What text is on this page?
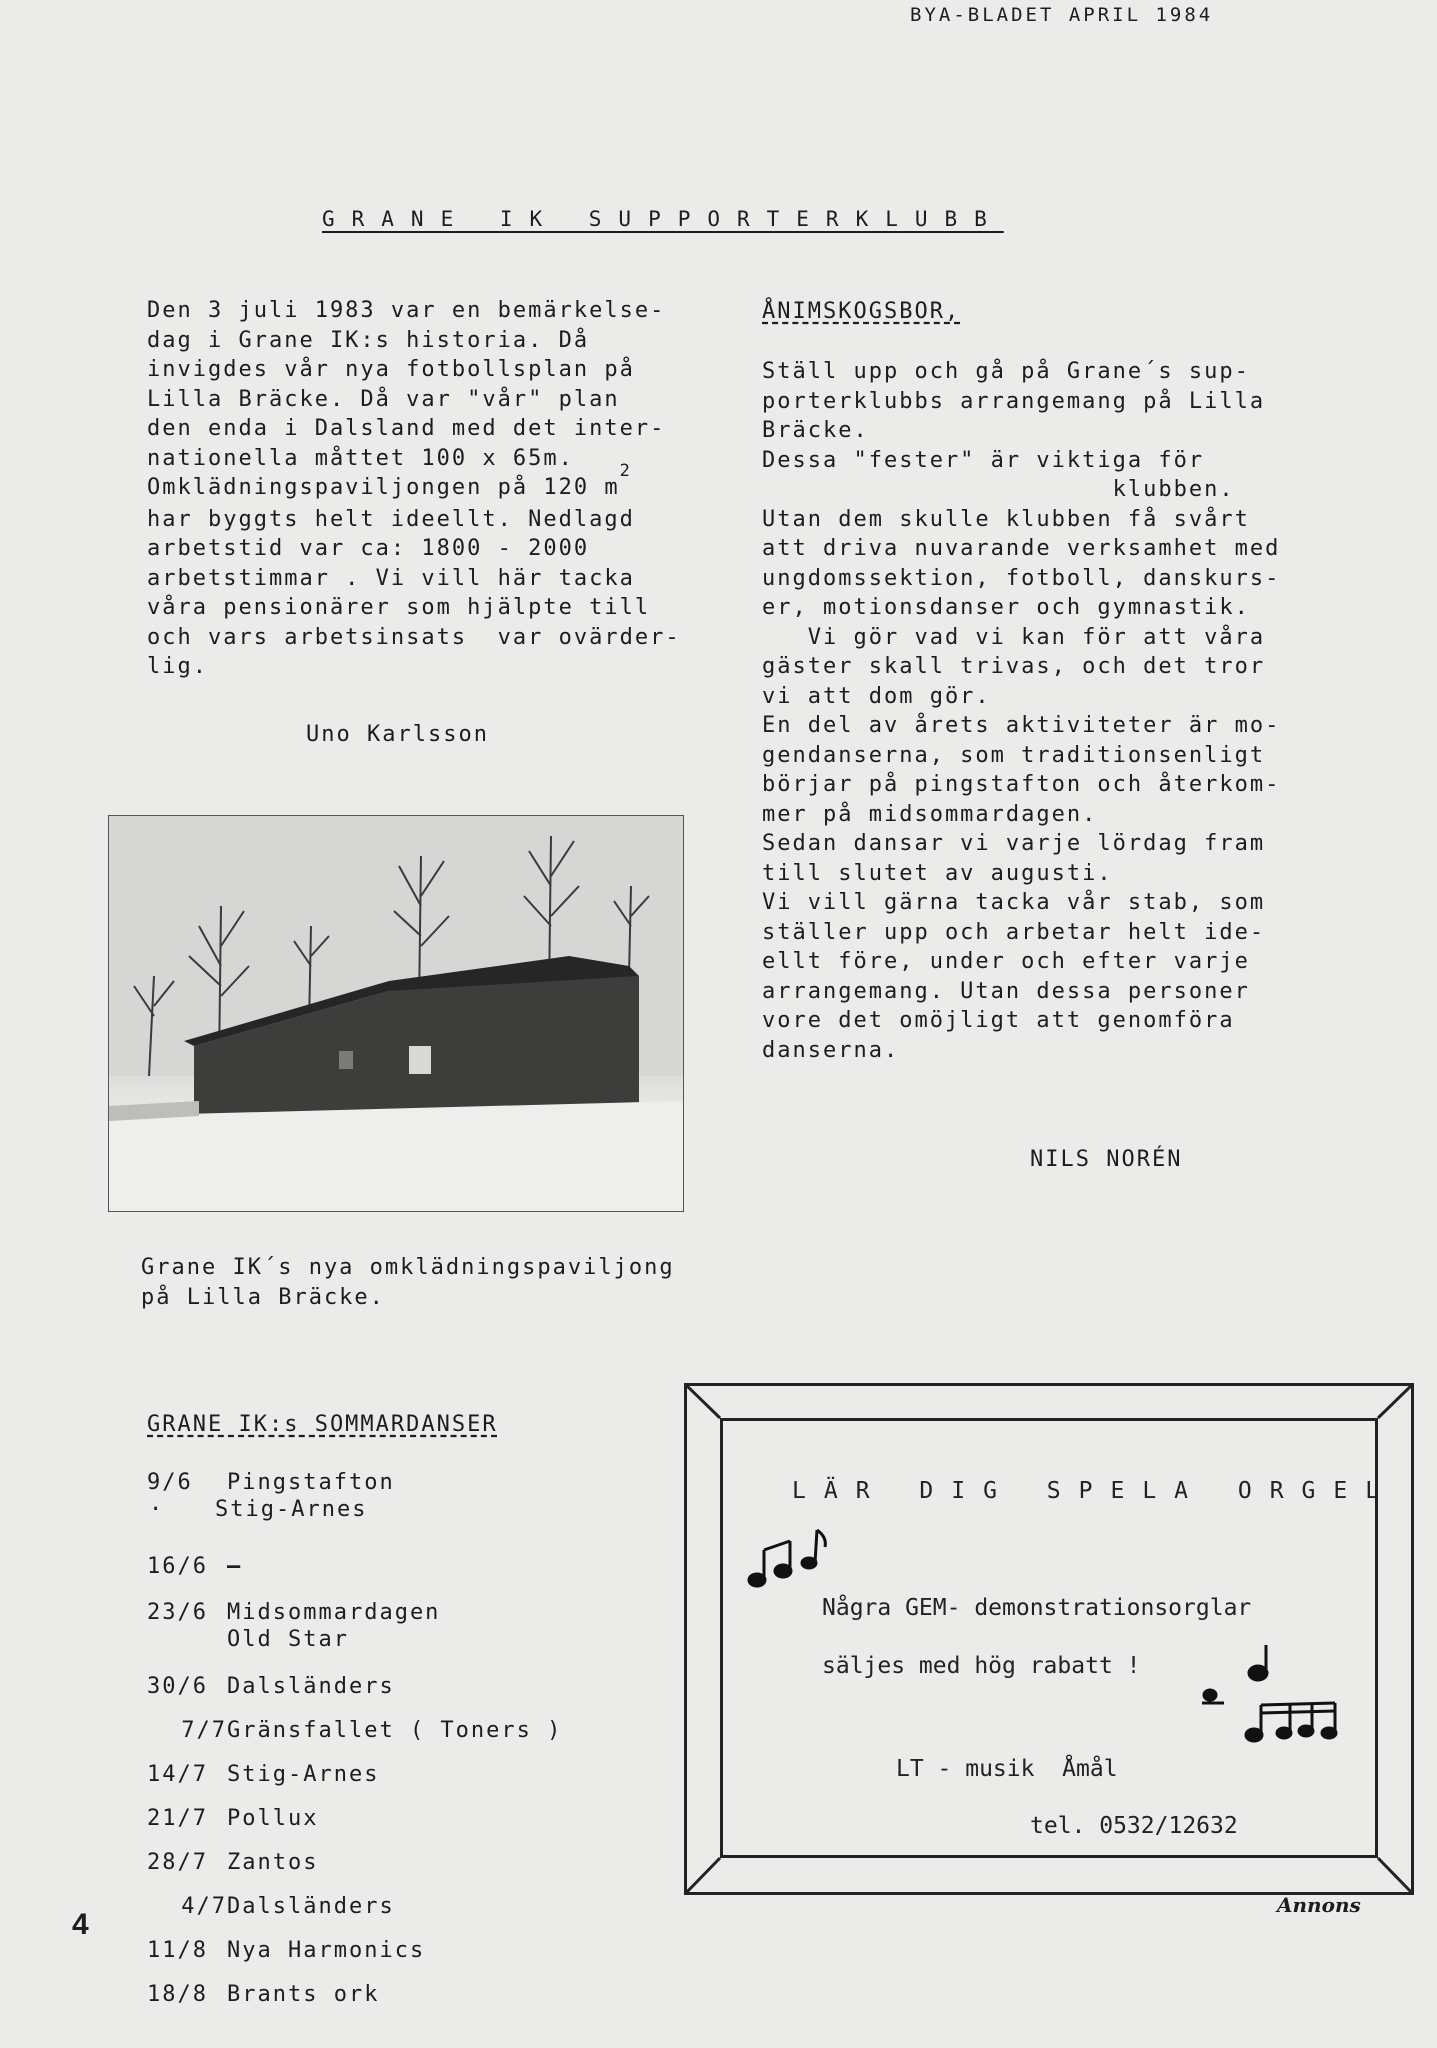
BYA-BLADET APRIL 1984
GRANE IK SUPPORTERKLUBB
Den 3 juli 1983 var en bemärkelse-
dag i Grane IK:s historia. Då
invigdes vår nya fotbollsplan på
Lilla Bräcke. Då var "vår" plan
den enda i Dalsland med det inter-
nationella måttet 100 x 65m.
Omklädningspaviljongen på 120 $m^2$
har byggts helt ideellt. Nedlagd
arbetstid var ca: 1800 - 2000
arbetstimmar . Vi vill här tacka
våra pensionärer som hjälpte till
och vars arbetsinsats  var ovärder-
lig.
Uno Karlsson
Grane IK´s nya omklädningspaviljong
på Lilla Bräcke.
ÅNIMSKOGSBOR,
Ställ upp och gå på Grane´s sup-
porterklubbs arrangemang på Lilla
Bräcke.
Dessa "fester" är viktiga för
klubben.
Utan dem skulle klubben få svårt
att driva nuvarande verksamhet med
ungdomssektion, fotboll, danskurs-
er, motionsdanser och gymnastik.
Vi gör vad vi kan för att våra
gäster skall trivas, och det tror
vi att dom gör.
En del av årets aktiviteter är mo-
gendanserna, som traditionsenligt
börjar på pingstafton och återkom-
mer på midsommardagen.
Sedan dansar vi varje lördag fram
till slutet av augusti.
Vi vill gärna tacka vår stab, som
ställer upp och arbetar helt ide-
ellt före, under och efter varje
arrangemang. Utan dessa personer
vore det omöjligt att genomföra
danserna.
NILS NORÉN
GRANE IK:s SOMMARDANSER
9/6 Pingstafton
· Stig-Arnes
16/6 —
23/6 Midsommardagen
Old Star
30/6 Dalsländers
7/7Gränsfallet ( Toners )
14/7 Stig-Arnes
21/7 Pollux
28/7 Zantos
4/7Dalsländers
11/8 Nya Harmonics
18/8 Brants ork
LÄR DIG SPELA ORGEL
Några GEM- demonstrationsorglar
säljes med hög rabatt !
LT - musik  Åmål
tel. 0532/12632
Annons
4
